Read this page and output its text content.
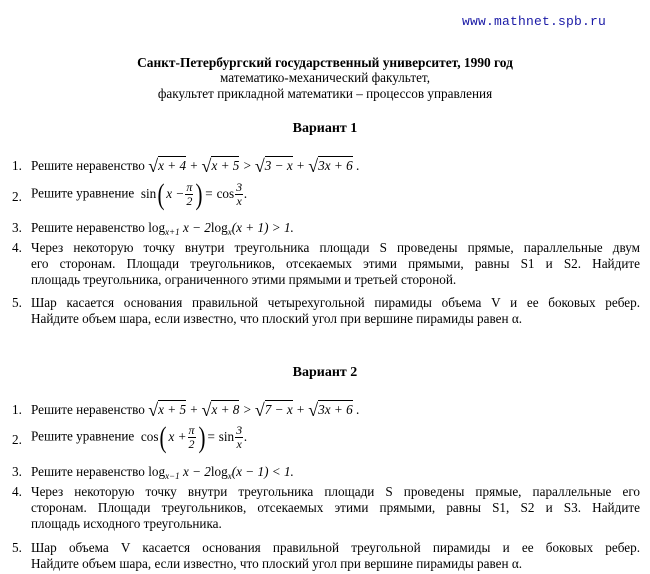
www.mathnet.spb.ru
Санкт-Петербургский государственный университет, 1990 год
математико-механический факультет,
факультет прикладной математики – процессов управления
Вариант 1
1. Решите неравенство √x + 4 + √x + 5 > √3 − x + √3x + 6 .
2. Решите уравнение sin( $x - \frac{\pi}{2}$ ) = $\cos \frac{3}{x}$ .
3. Решите неравенство $\log_{x+1} x - 2\log_x(x + 1) > 1$.
4. Через некоторую точку внутри треугольника площади S проведены прямые, параллельные двум
его сторонам. Площади треугольников, отсекаемых этими прямыми, равны S1 и S2. Найдите
площадь треугольника, ограниченного этими прямыми и третьей стороной.
5. Шар касается основания правильной четырехугольной пирамиды объема V и ее боковых ребер.
Найдите объем шара, если известно, что плоский угол при вершине пирамиды равен α.
Вариант 2
1. Решите неравенство √x + 5 + √x + 8 > √7 − x + √3x + 6 .
2. Решите уравнение cos( $x + \frac{\pi}{2}$ ) = $\sin \frac{3}{x}$ .
3. Решите неравенство $\log_{x-1} x - 2\log_x(x - 1) < 1$.
4. Через некоторую точку внутри треугольника площади S проведены прямые, параллельные его
сторонам. Площади треугольников, отсекаемых этими прямыми, равны S1, S2 и S3. Найдите
площадь исходного треугольника.
5. Шар объема V касается основания правильной треугольной пирамиды и ее боковых ребер.
Найдите объем шара, если известно, что плоский угол при вершине пирамиды равен α.
